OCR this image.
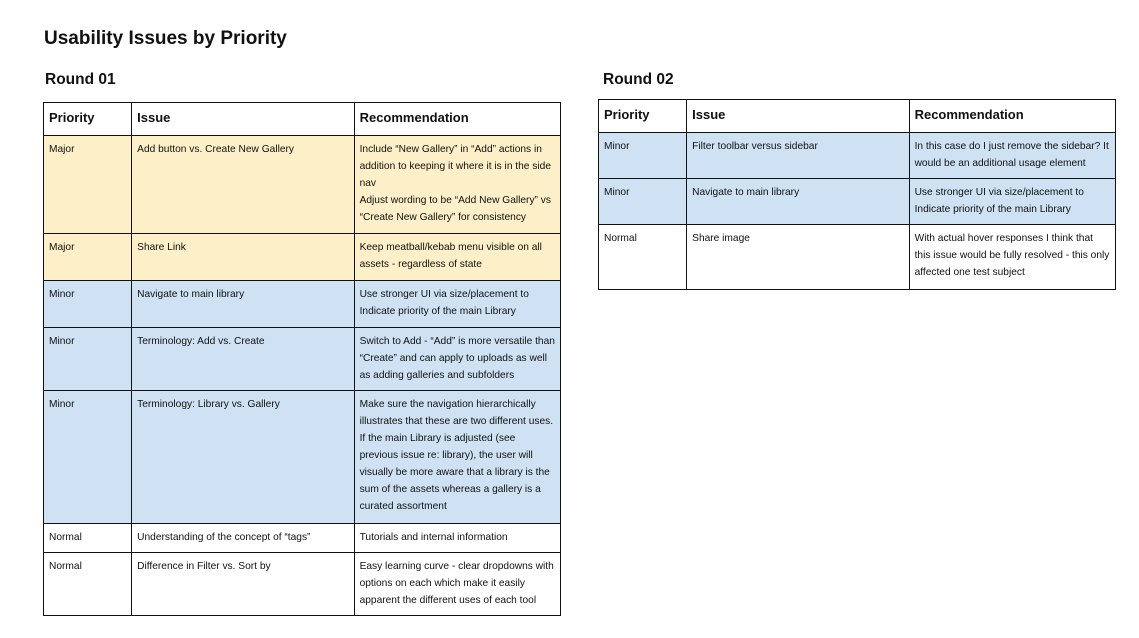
Usability Issues by Priority
Round 01
Priority	Issue	Recommendation
Major	Add button vs. Create New Gallery	Include “New Gallery” in “Add” actions in addition to keeping it where it is in the side nav
Adjust wording to be “Add New Gallery” vs “Create New Gallery” for consistency

Major	Share Link	Keep meatball/kebab menu visible on all assets - regardless of state

Minor	Navigate to main library	Use stronger UI via size/placement to Indicate priority of the main Library

Minor	Terminology: Add vs. Create	Switch to Add - “Add” is more versatile than “Create” and can apply to uploads as well as adding galleries and subfolders

Minor	Terminology: Library vs. Gallery	Make sure the navigation hierarchically illustrates that these are two different uses. If the main Library is adjusted (see previous issue re: library), the user will visually be more aware that a library is the sum of the assets whereas a gallery is a curated assortment

Normal	Understanding of the concept of “tags”	Tutorials and internal information

Normal	Difference in Filter vs. Sort by	Easy learning curve - clear dropdowns with options on each which make it easily apparent the different uses of each tool
Round 02
Priority	Issue	Recommendation
Minor	Filter toolbar versus sidebar	In this case do I just remove the sidebar? It would be an additional usage element

Minor	Navigate to main library	Use stronger UI via size/placement to Indicate priority of the main Library

Normal	Share image	With actual hover responses I think that this issue would be fully resolved - this only affected one test subject
